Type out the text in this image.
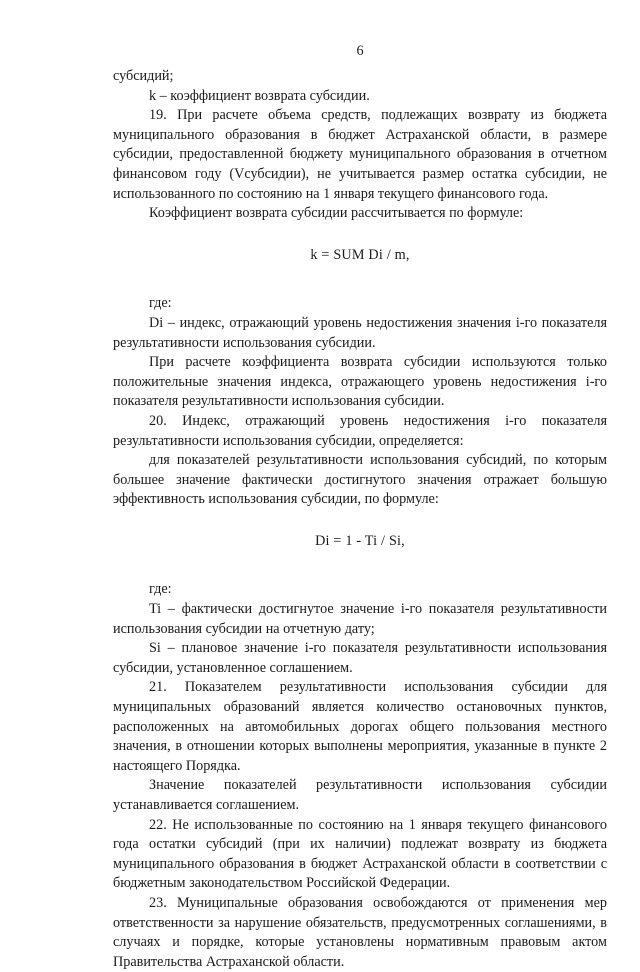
6

субсидий;

k – коэффициент возврата субсидии.

19. При расчете объема средств, подлежащих возврату из бюджета муниципального образования в бюджет Астраханской области, в размере субсидии, предоставленной бюджету муниципального образования в отчетном финансовом году (Vсубсидии), не учитывается размер остатка субсидии, не использованного по состоянию на 1 января текущего финансового года.

Коэффициент возврата субсидии рассчитывается по формуле:

k = SUM Di / m,

где:

Di – индекс, отражающий уровень недостижения значения i-го показателя результативности использования субсидии.

При расчете коэффициента возврата субсидии используются только положительные значения индекса, отражающего уровень недостижения i-го показателя результативности использования субсидии.

20. Индекс, отражающий уровень недостижения i-го показателя результативности использования субсидии, определяется:

для показателей результативности использования субсидий, по которым большее значение фактически достигнутого значения отражает большую эффективность использования субсидии, по формуле:

Di = 1 - Ti / Si,

где:

Ti – фактически достигнутое значение i-го показателя результативности использования субсидии на отчетную дату;

Si – плановое значение i-го показателя результативности использования субсидии, установленное соглашением.

21. Показателем результативности использования субсидии для муниципальных образований является количество остановочных пунктов, расположенных на автомобильных дорогах общего пользования местного значения, в отношении которых выполнены мероприятия, указанные в пункте 2 настоящего Порядка.

Значение показателей результативности использования субсидии устанавливается соглашением.

22. Не использованные по состоянию на 1 января текущего финансового года остатки субсидий (при их наличии) подлежат возврату из бюджета муниципального образования в бюджет Астраханской области в соответствии с бюджетным законодательством Российской Федерации.

23. Муниципальные образования освобождаются от применения мер ответственности за нарушение обязательств, предусмотренных соглашениями, в случаях и порядке, которые установлены нормативным правовым актом Правительства Астраханской области.
